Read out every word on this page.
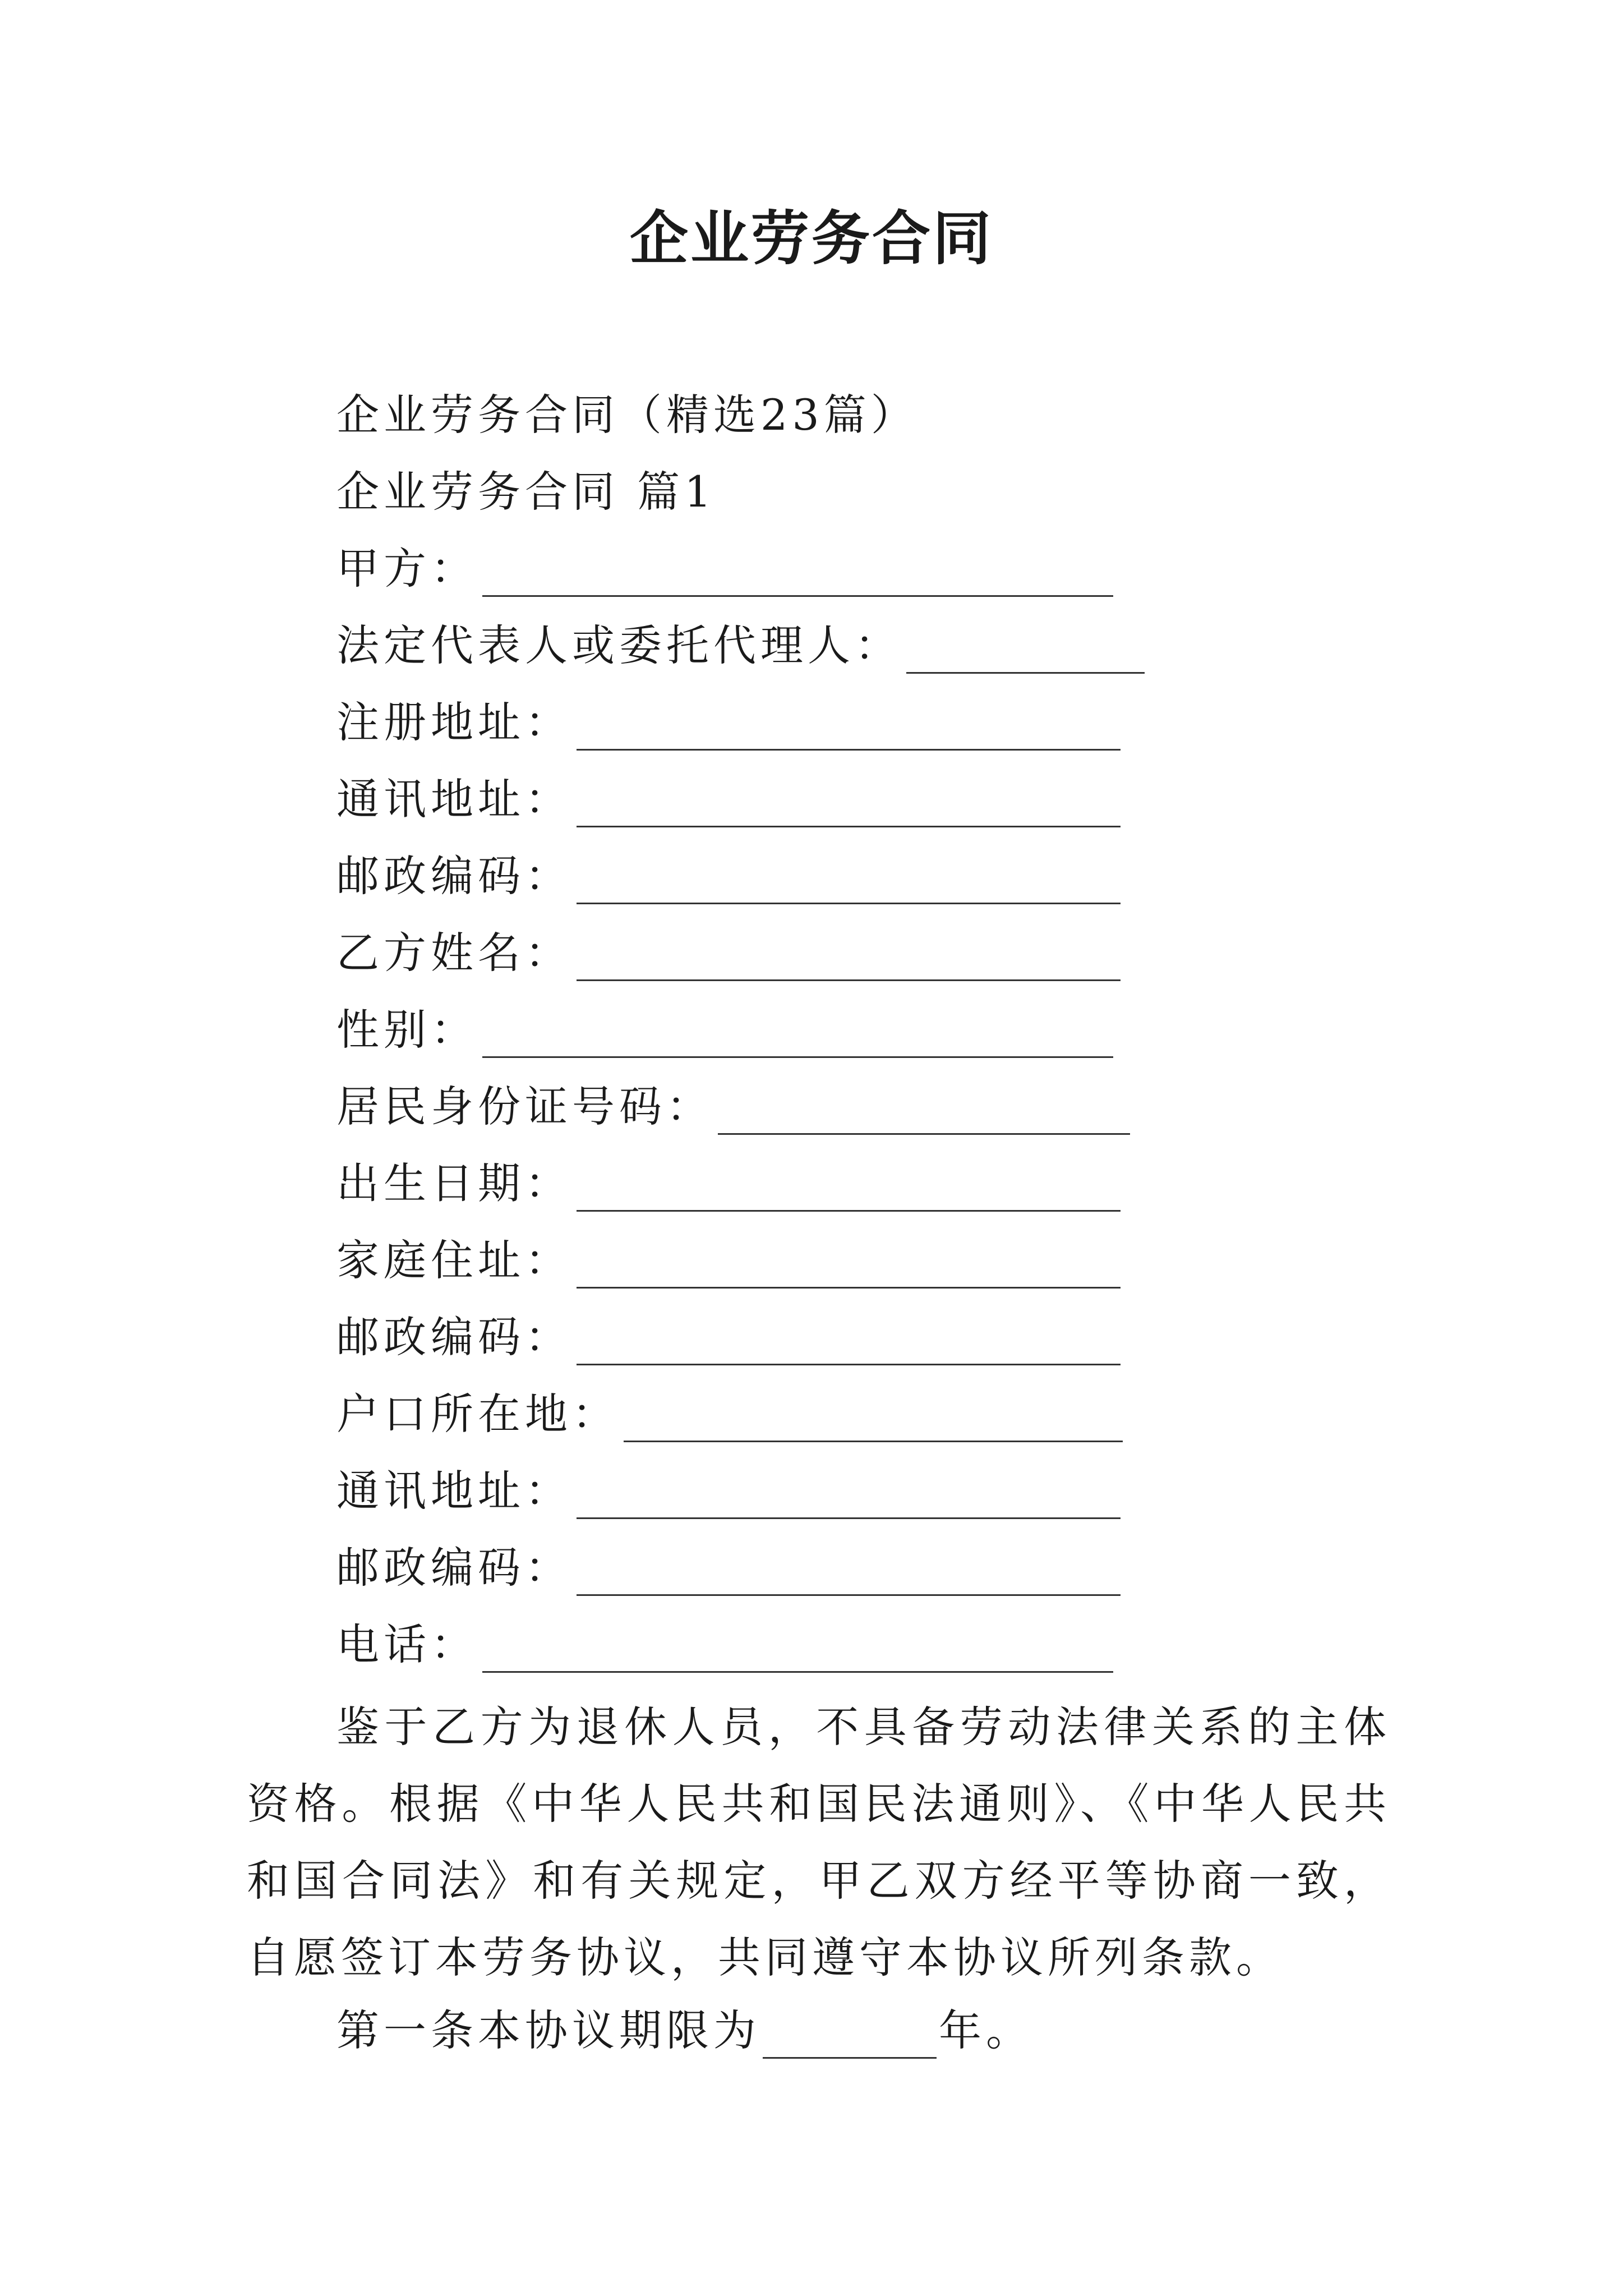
企业劳务合同
企业劳务合同（精选23篇）
企业劳务合同 篇1
甲方：
法定代表人或委托代理人：
注册地址：
通讯地址：
邮政编码：
乙方姓名：
性别：
居民身份证号码：
出生日期：
家庭住址：
邮政编码：
户口所在地：
通讯地址：
邮政编码：
电话：
鉴于乙方为退休人员，不具备劳动法律关系的主体资格。根据《中华人民共和国民法通则》、《中华人民共和国合同法》和有关规定，甲乙双方经平等协商一致，自愿签订本劳务协议，共同遵守本协议所列条款。
第一条本协议期限为	年。
